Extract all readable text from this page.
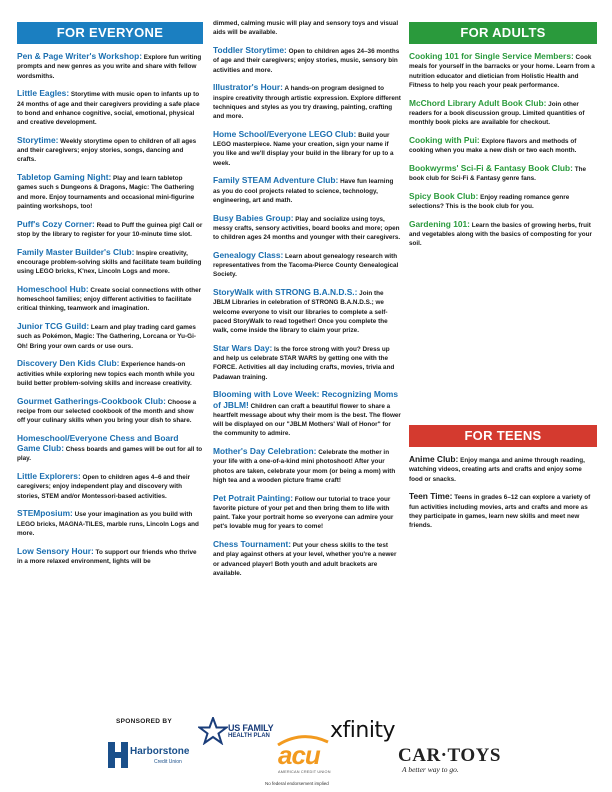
FOR EVERYONE
Pen & Page Writer's Workshop: Explore fun writing prompts and new genres as you write and share with fellow wordsmiths.
Little Eagles: Storytime with music open to infants up to 24 months of age and their caregivers providing a safe place to bond and enhance cognitive, social, emotional, physical and creative development.
Storytime: Weekly storytime open to children of all ages and their caregivers; enjoy stories, songs, dancing and crafts.
Tabletop Gaming Night: Play and learn tabletop games such s Dungeons & Dragons, Magic: The Gathering and more. Enjoy tournaments and occasional mini-figurine painting workshops, too!
Puff's Cozy Corner: Read to Puff the guinea pig! Call or stop by the library to register for your 10-minute time slot.
Family Master Builder's Club: Inspire creativity, encourage problem-solving skills and facilitate team building using LEGO bricks, K'nex, Lincoln Logs and more.
Homeschool Hub: Create social connections with other homeschool families; enjoy different activities to facilitate critical thinking, teamwork and imagination.
Junior TCG Guild: Learn and play trading card games such as Pokémon, Magic: The Gathering, Lorcana or Yu-Gi-Oh! Bring your own cards or use ours.
Discovery Den Kids Club: Experience hands-on activities while exploring new topics each month while you build better problem-solving skills and increase creativity.
Gourmet Gatherings-Cookbook Club: Choose a recipe from our selected cookbook of the month and show off your culinary skills when you bring your dish to share.
Homeschool/Everyone Chess and Board Game Club: Chess boards and games will be out for all to play.
Little Explorers: Open to children ages 4–6 and their caregivers; enjoy independent play and discovery with stories, STEM and/or Montessori-based activities.
STEMposium: Use your imagination as you build with LEGO bricks, MAGNA-TILES, marble runs, Lincoln Logs and more.
Low Sensory Hour: To support our friends who thrive in a more relaxed environment, lights will be
dimmed, calming music will play and sensory toys and visual aids will be available.
Toddler Storytime: Open to children ages 24–36 months of age and their caregivers; enjoy stories, music, sensory bin activities and more.
Illustrator's Hour: A hands-on program designed to inspire creativity through artistic expression. Explore different techniques and styles as you try drawing, painting, crafting and more.
Home School/Everyone LEGO Club: Build your LEGO masterpiece. Name your creation, sign your name if you like and we'll display your build in the library for up to a week.
Family STEAM Adventure Club: Have fun learning as you do cool projects related to science, technology, engineering, art and math.
Busy Babies Group: Play and socialize using toys, messy crafts, sensory activities, board books and more; open to children ages 24 months and younger with their caregivers.
Genealogy Class: Learn about genealogy research with representatives from the Tacoma-Pierce County Genealogical Society.
StoryWalk with STRONG B.A.N.D.S.: Join the JBLM Libraries in celebration of STRONG B.A.N.D.S.; we welcome everyone to visit our libraries to complete a self-paced StoryWalk to read together! Once you complete the walk, come inside the library to claim your prize.
Star Wars Day: Is the force strong with you? Dress up and help us celebrate STAR WARS by getting one with the FORCE. Activities all day including crafts, movies, trivia and Padawan training.
Blooming with Love Week: Recognizing Moms of JBLM! Children can craft a beautiful flower to share a heartfelt message about why their mom is the best. The flower will be displayed on our "JBLM Mothers' Wall of Honor" for the community to admire.
Mother's Day Celebration: Celebrate the mother in your life with a one-of-a-kind mini photoshoot! After your photos are taken, celebrate your mom (or being a mom) with high tea and a wooden picture frame craft!
Pet Potrait Painting: Follow our tutorial to trace your favorite picture of your pet and then bring them to life with paint. Take your portrait home so everyone can admire your pet's lovable mug for years to come!
Chess Tournament: Put your chess skills to the test and play against others at your level, whether you're a newer or advanced player! Both youth and adult brackets are available.
FOR ADULTS
Cooking 101 for Single Service Members: Cook meals for yourself in the barracks or your home. Learn from a nutrition educator and dietician from Holistic Health and Fitness to help you reach your peak performance.
McChord Library Adult Book Club: Join other readers for a book discussion group. Limited quantities of monthly book picks are available for checkout.
Cooking with Pui: Explore flavors and methods of cooking when you make a new dish or two each month.
Bookwyrms' Sci-Fi & Fantasy Book Club: The book club for Sci-Fi & Fantasy genre fans.
Spicy Book Club: Enjoy reading romance genre selections? This is the book club for you.
Gardening 101: Learn the basics of growing herbs, fruit and vegetables along with the basics of composting for your soil.
FOR TEENS
Anime Club: Enjoy manga and anime through reading, watching videos, creating arts and crafts and enjoy some food or snacks.
Teen Time: Teens in grades 6–12 can explore a variety of fun activities including movies, arts and crafts and more as they participate in games, learn new skills and meet new friends.
SPONSORED BY
Harborstone
Credit Union
US FAMILY
HEALTH PLAN
acu
AMERICAN CREDIT UNION
xfinity
CAR·TOYS
A better way to go.
No federal endorsement implied
